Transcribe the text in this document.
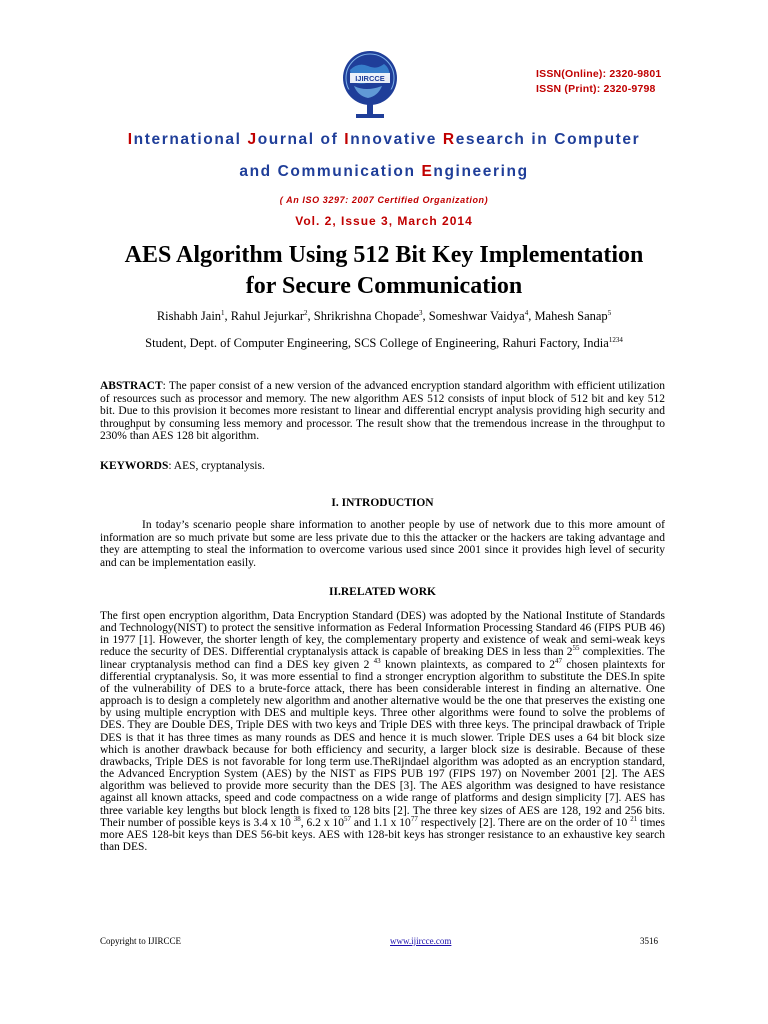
IJIRCCE	ISSN(Online): 2320-9801
ISSN (Print): 2320-9798
International Journal of Innovative Research in Computer
and Communication Engineering
( An ISO 3297: 2007 Certified Organization)
Vol. 2, Issue 3, March 2014
AES Algorithm Using 512 Bit Key Implementation
for Secure Communication
Rishabh Jain$^1$, Rahul Jejurkar$^2$, Shrikrishna Chopade$^3$, Someshwar Vaidya$^4$, Mahesh Sanap$^5$
Student, Dept. of Computer Engineering, SCS College of Engineering, Rahuri Factory, India$^{1234}$
ABSTRACT: The paper consist of a new version of the advanced encryption standard algorithm with efficient utilization of resources such as processor and memory. The new algorithm AES 512 consists of input block of 512 bit and key 512 bit. Due to this provision it becomes more resistant to linear and differential encrypt analysis providing high security and throughput by consuming less memory and processor. The result show that the tremendous increase in the throughput to 230% than AES 128 bit algorithm.
KEYWORDS: AES, cryptanalysis.
I. INTRODUCTION
In today’s scenario people share information to another people by use of network due to this more amount of information are so much private but some are less private due to this the attacker or the hackers are taking advantage and they are attempting to steal the information to overcome various used since 2001 since it provides high level of security and can be implementation easily.
II.RELATED WORK
The first open encryption algorithm, Data Encryption Standard (DES) was adopted by the National Institute of Standards and Technology(NIST) to protect the sensitive information as Federal Information Processing Standard 46 (FIPS PUB 46) in 1977 [1]. However, the shorter length of key, the complementary property and existence of weak and semi-weak keys reduce the security of DES. Differential cryptanalysis attack is capable of breaking DES in less than $2^{55}$ complexities. The linear cryptanalysis method can find a DES key given 2 $^{43}$ known plaintexts, as compared to $2^{47}$ chosen plaintexts for differential cryptanalysis. So, it was more essential to find a stronger encryption algorithm to substitute the DES.In spite of the vulnerability of DES to a brute-force attack, there has been considerable interest in finding an alternative. One approach is to design a completely new algorithm and another alternative would be the one that preserves the existing one by using multiple encryption with DES and multiple keys. Three other algorithms were found to solve the problems of DES. They are Double DES, Triple DES with two keys and Triple DES with three keys. The principal drawback of Triple DES is that it has three times as many rounds as DES and hence it is much slower. Triple DES uses a 64 bit block size which is another drawback because for both efficiency and security, a larger block size is desirable. Because of these drawbacks, Triple DES is not favorable for long term use.TheRijndael algorithm was adopted as an encryption standard, the Advanced Encryption System (AES) by the NIST as FIPS PUB 197 (FIPS 197) on November 2001 [2]. The AES algorithm was believed to provide more security than the DES [3]. The AES algorithm was designed to have resistance against all known attacks, speed and code compactness on a wide range of platforms and design simplicity [7]. AES has three variable key lengths but block length is fixed to 128 bits [2]. The three key sizes of AES are 128, 192 and 256 bits. Their number of possible keys is 3.4 x 10 $^{38}$, 6.2 x $10^{57}$ and 1.1 x $10^{77}$ respectively [2]. There are on the order of 10 $^{21}$ times more AES 128-bit keys than DES 56-bit keys. AES with 128-bit keys has stronger resistance to an exhaustive key search than DES.
Copyright to IJIRCCE	www.ijircce.com	3516
